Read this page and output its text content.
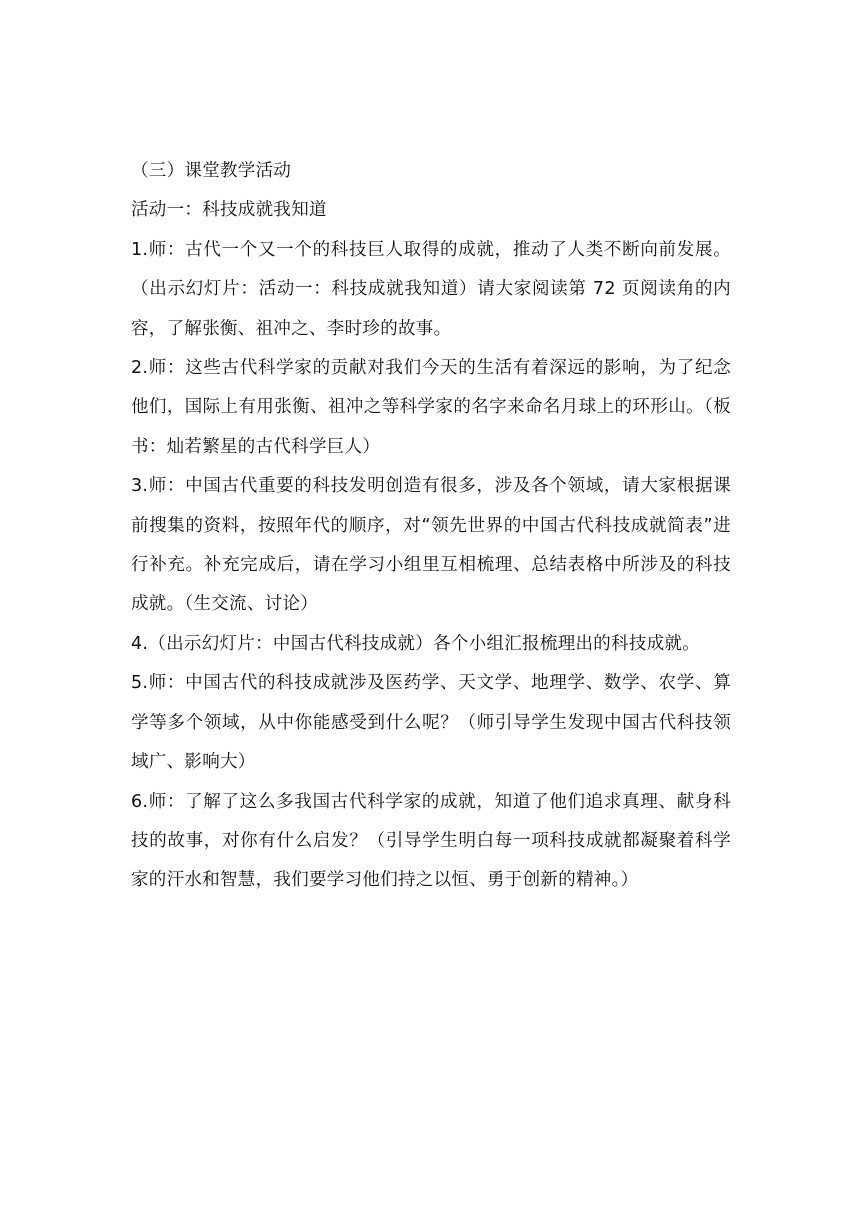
（三）课堂教学活动

活动一：科技成就我知道

1.师：古代一个又一个的科技巨人取得的成就，推动了人类不断向前发展。（出示幻灯片：活动一：科技成就我知道）请大家阅读第 72 页阅读角的内容，了解张衡、祖冲之、李时珍的故事。

2.师：这些古代科学家的贡献对我们今天的生活有着深远的影响，为了纪念他们，国际上有用张衡、祖冲之等科学家的名字来命名月球上的环形山。（板书：灿若繁星的古代科学巨人）

3.师：中国古代重要的科技发明创造有很多，涉及各个领域，请大家根据课前搜集的资料，按照年代的顺序，对“领先世界的中国古代科技成就简表”进行补充。补充完成后，请在学习小组里互相梳理、总结表格中所涉及的科技成就。（生交流、讨论）

4.（出示幻灯片：中国古代科技成就）各个小组汇报梳理出的科技成就。

5.师：中国古代的科技成就涉及医药学、天文学、地理学、数学、农学、算学等多个领域，从中你能感受到什么呢？（师引导学生发现中国古代科技领域广、影响大）

6.师：了解了这么多我国古代科学家的成就，知道了他们追求真理、献身科技的故事，对你有什么启发？（引导学生明白每一项科技成就都凝聚着科学家的汗水和智慧，我们要学习他们持之以恒、勇于创新的精神。）
